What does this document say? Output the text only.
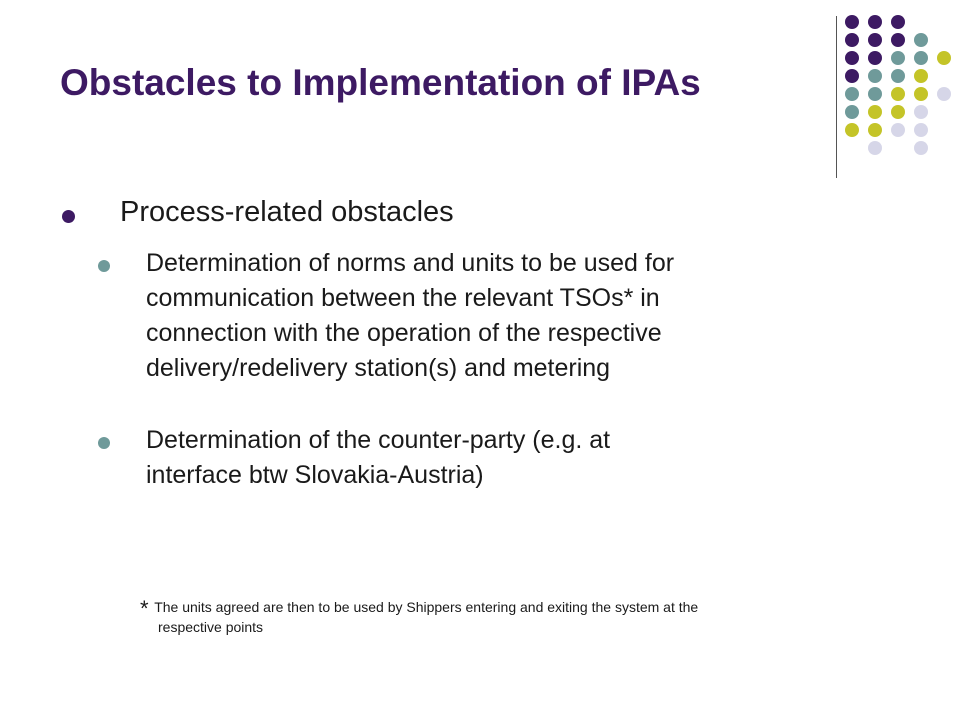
Obstacles to Implementation of IPAs
Process-related obstacles
Determination of norms and units to be used for
communication between the relevant TSOs* in
connection with the operation of the respective
delivery/redelivery station(s) and metering
Determination of the counter-party (e.g. at
interface btw Slovakia-Austria)
* The units agreed are then to be used by Shippers entering and exiting the system at the
respective points
